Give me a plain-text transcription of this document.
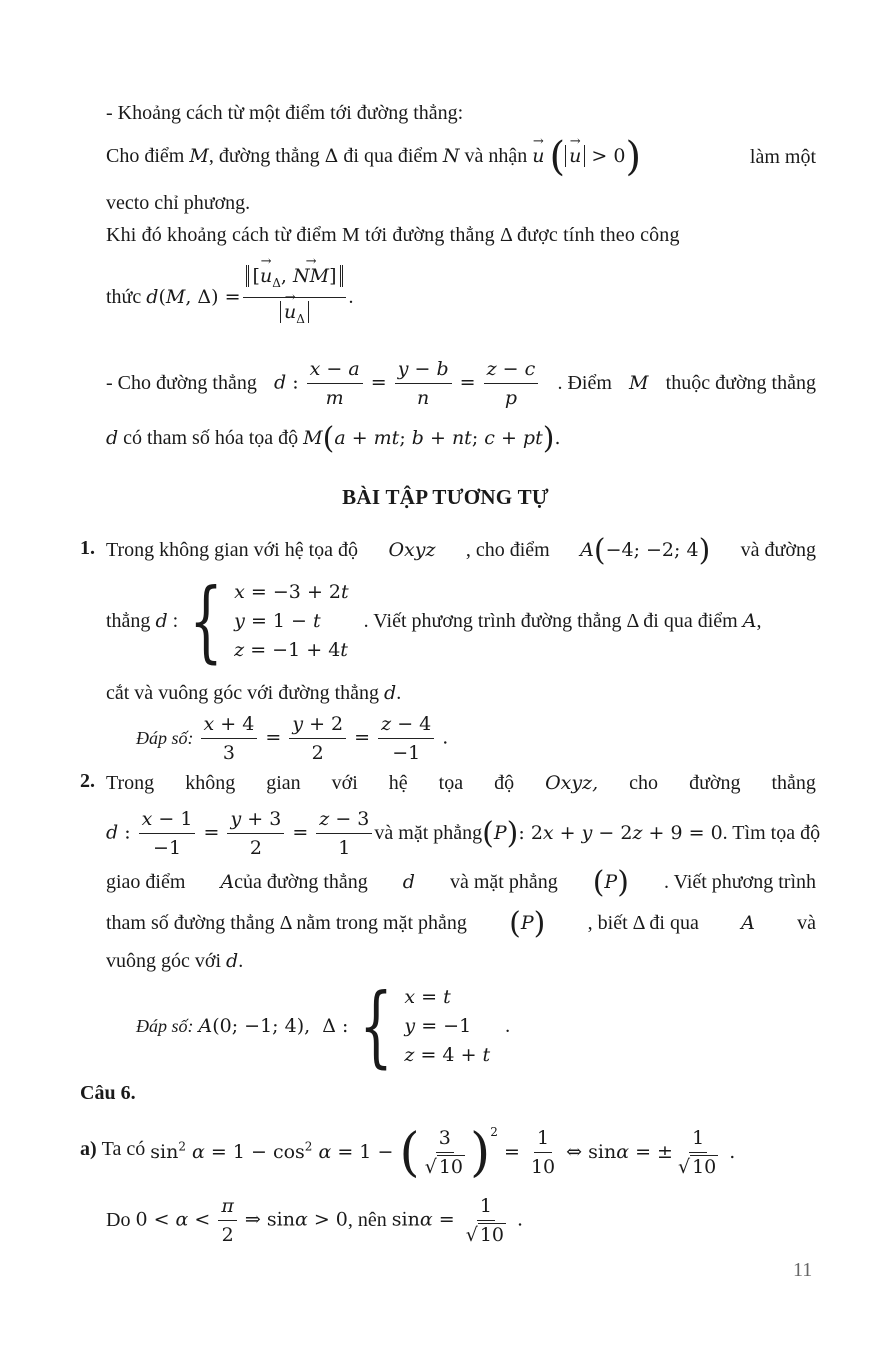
- Khoảng cách từ một điểm tới đường thẳng:
Cho điểm M, đường thẳng Δ đi qua điểm N và nhận → u ( → u > 0)	làm một
vecto chỉ phương.
Khi đó khoảng cách từ điểm M tới đường thẳng Δ được tính theo công
thức
d(M, Δ) = [→ $u_\Delta$, → NM]
→ $u_\Delta$ .
- Cho đường thẳng d : $\frac{x - a}{m} = \frac{y - b}{n} = \frac{z - c}{p}$ . Điểm M thuộc đường thẳng
d có tham số hóa tọa độ M(a + mt; b + nt; c + pt).
BÀI TẬP TƯƠNG TỰ
1. Trong không gian với hệ tọa độ Oxyz , cho điểm A(−4; −2; 4) và đường
thẳng
d : { x = −3 + 2t
y = 1 − t
z = −1 + 4t

. Viết phương trình đường thẳng Δ đi qua điểm
A ,
cắt và vuông góc với đường thẳng d.
Đáp số:
$\frac{x + 4}{3} = \frac{y + 2}{2} = \frac{z - 4}{-1}$ .
2. Trong không gian với hệ tọa độ Oxyz, cho đường thẳng
d : $\frac{x - 1}{-1} = \frac{y + 3}{2} = \frac{z - 3}{1}$ và mặt phẳng (P): 2x + y − 2z + 9 = 0 . Tìm tọa độ
giao điểm Acủa đường thẳng d và mặt phẳng (P) . Viết phương trình
tham số đường thẳng Δ nằm trong mặt phẳng (P) , biết Δ đi qua A và
vuông góc với d.
Đáp số:
A(0; −1; 4),  Δ : { x = t
y = −1
z = 4 + t
.
Câu 6.
a)
Ta có
$\sin^2 \alpha = 1 - \cos^2 \alpha = 1$ − ( $\frac{3}{√ 10} )^2 = \frac{1}{10}$ ⇔ sinα = ± $\frac{1}{√ 10}$ .
Do
$0 < \alpha < \frac{\pi}{2}$ ⇒ sinα > 0 , nên
$\sin\alpha = \frac{1}{√ 10}$ .
11
